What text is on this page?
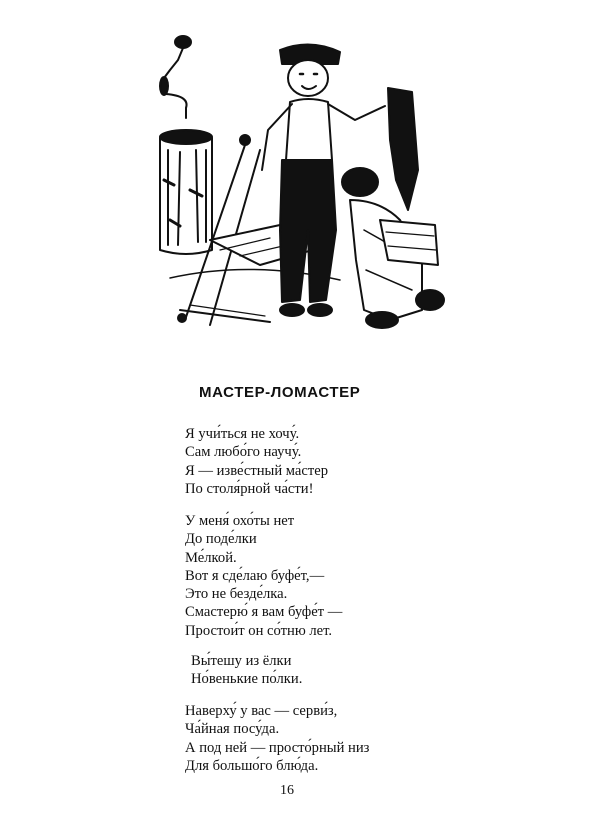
МАСТЕР-ЛОМАСТЕР
Я учи́ться не хочу́.
Сам любо́го научу́.
Я — изве́стный ма́стер
По столя́рной ча́сти!
У меня́ охо́ты нет
До поде́лки
Ме́лкой.
Вот я сде́лаю буфе́т,—
Это не безде́лка.
Смастерю́ я вам буфе́т —
Простои́т он со́тню лет.
Вы́тешу из ёлки
Но́венькие по́лки.
Наверху́ у вас — серви́з,
Ча́йная посу́да.
А под ней — просто́рный низ
Для большо́го блю́да.
16
